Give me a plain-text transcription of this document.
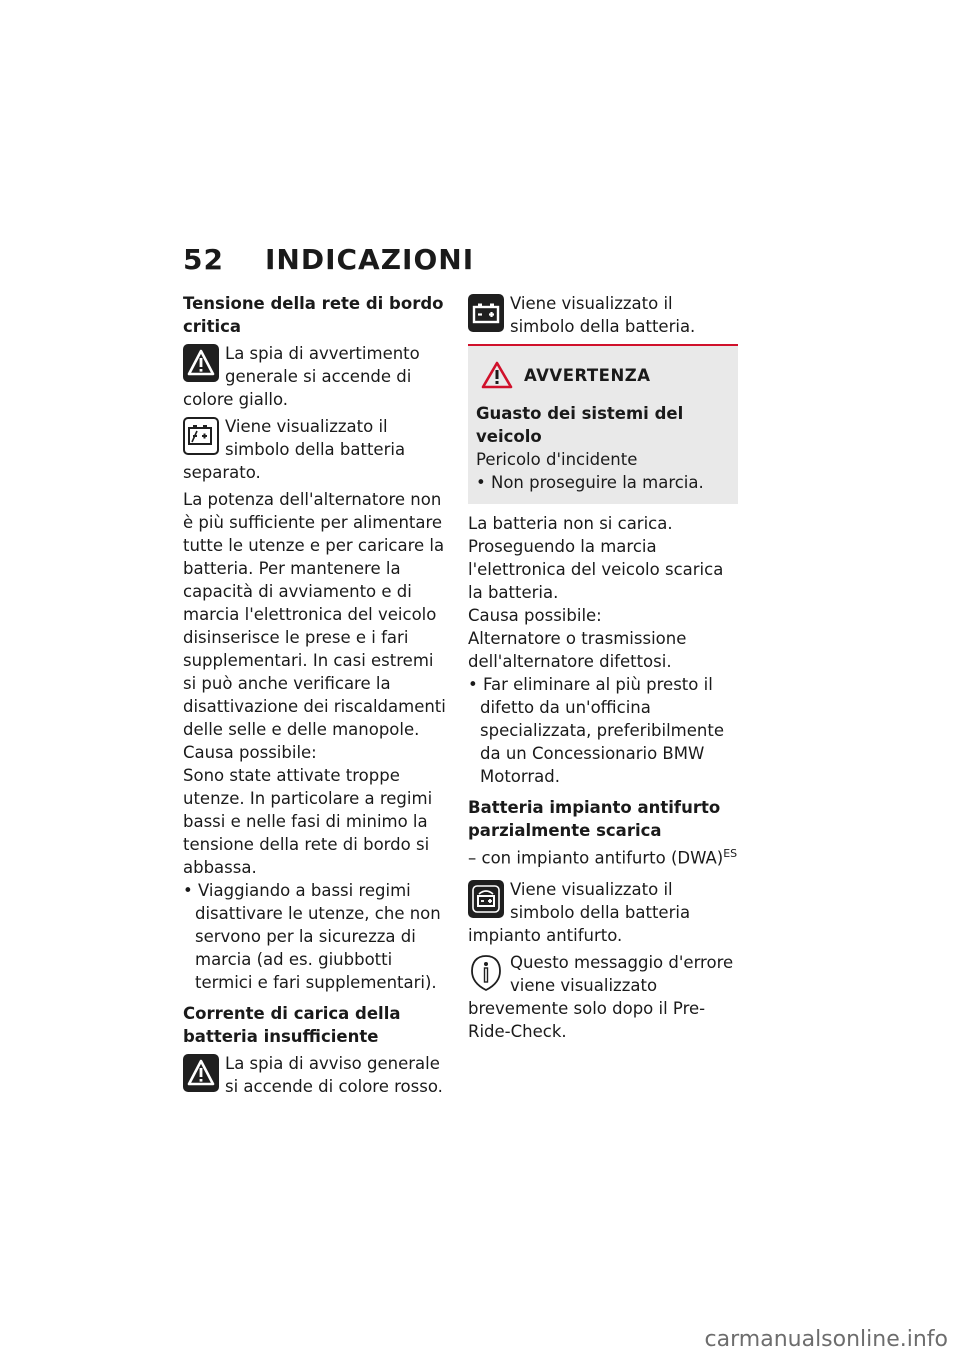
52 INDICAZIONI

Tensione della rete di bordo critica

La spia di avvertimento generale si accende di colore giallo.

Viene visualizzato il simbolo della batteria separato.

La potenza dell'alternatore non è più sufficiente per alimentare tutte le utenze e per caricare la batteria. Per mantenere la capacità di avviamento e di marcia l'elettronica del veicolo disinserisce le prese e i fari supplementari. In casi estremi si può anche verificare la disattivazione dei riscaldamenti delle selle e delle manopole.

Causa possibile:

Sono state attivate troppe utenze. In particolare a regimi bassi e nelle fasi di minimo la tensione della rete di bordo si abbassa.

• Viaggiando a bassi regimi disattivare le utenze, che non servono per la sicurezza di marcia (ad es. giubbotti termici e fari supplementari).

Corrente di carica della batteria insufficiente

La spia di avviso generale si accende di colore rosso.

Viene visualizzato il simbolo della batteria.

AVVERTENZA

Guasto dei sistemi del veicolo

Pericolo d'incidente

• Non proseguire la marcia.

La batteria non si carica. Proseguendo la marcia l'elettronica del veicolo scarica la batteria.

Causa possibile:

Alternatore o trasmissione dell'alternatore difettosi.

• Far eliminare al più presto il difetto da un'officina specializzata, preferibilmente da un Concessionario BMW Motorrad.

Batteria impianto antifurto parzialmente scarica

– con impianto antifurto (DWA)$^{ES}$

Viene visualizzato il simbolo della batteria impianto antifurto.

Questo messaggio d'errore viene visualizzato brevemente solo dopo il Pre-Ride-Check.

carmanualsonline.info
